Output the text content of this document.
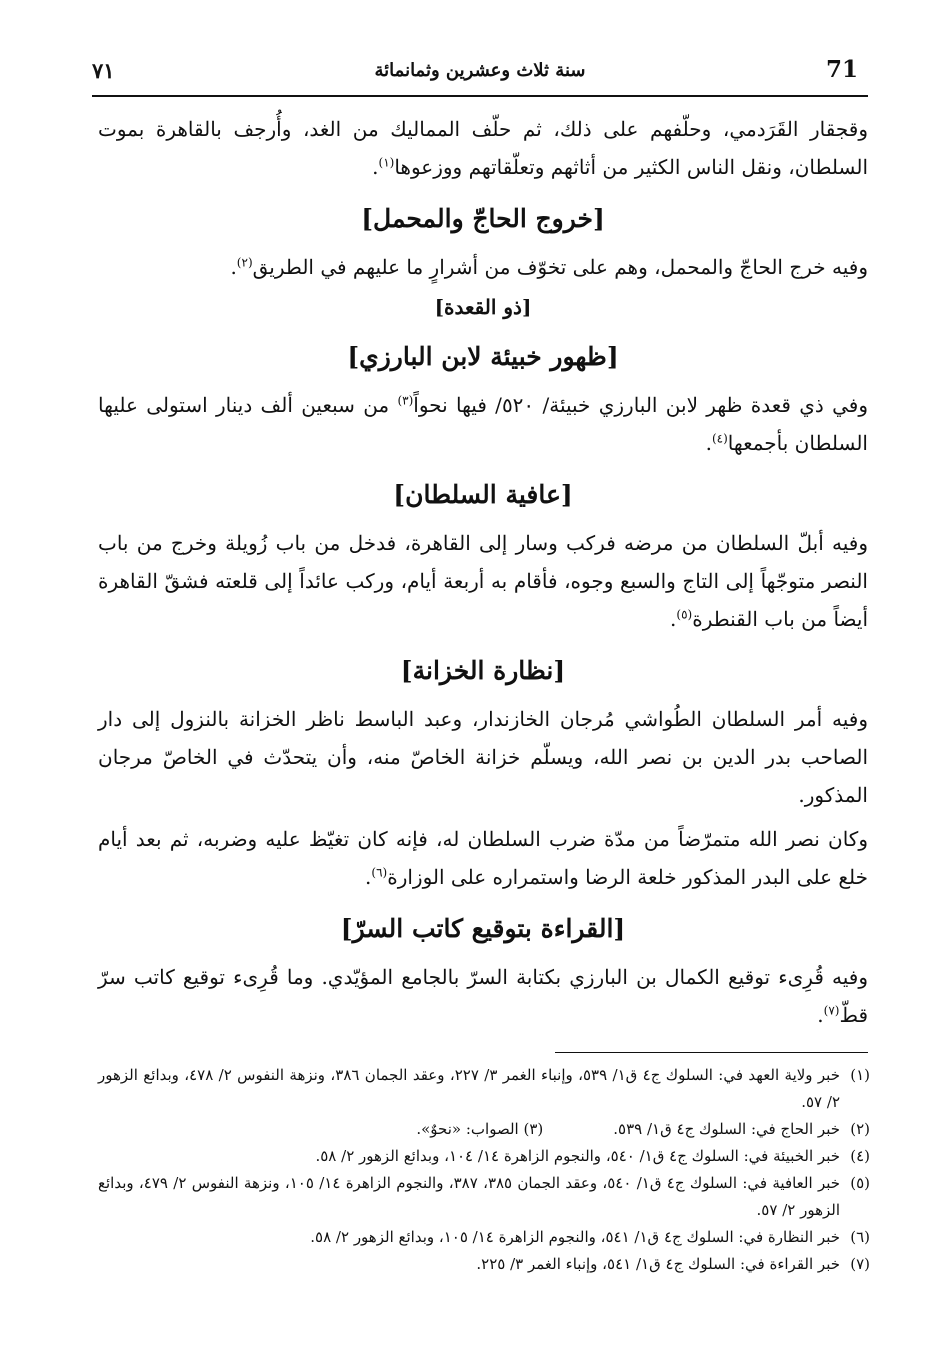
71
سنة ثلاث وعشرين وثمانمائة
٧١

وقجقار القَرَدمي، وحلّفهم على ذلك، ثم حلّف المماليك من الغد، وأُرجف بالقاهرة بموت السلطان، ونقل الناس الكثير من أثاثهم وتعلّقاتهم ووزعوها$^{(١)}$.

[خروج الحاجّ والمحمل]

وفيه خرج الحاجّ والمحمل، وهم على تخوّف من أشرارٍ ما عليهم في الطريق$^{(٢)}$.

[ذو القعدة]
[ظهور خبيئة لابن البارزي]

وفي ذي قعدة ظهر لابن البارزي خبيئة/ ٥٢٠/ فيها نحواً$^{(٣)}$ من سبعين ألف دينار استولى عليها السلطان بأجمعها$^{(٤)}$.

[عافية السلطان]

وفيه أبلّ السلطان من مرضه فركب وسار إلى القاهرة، فدخل من باب زُويلة وخرج من باب النصر متوجّهاً إلى التاج والسبع وجوه، فأقام به أربعة أيام، وركب عائداً إلى قلعته فشقّ القاهرة أيضاً من باب القنطرة$^{(٥)}$.

[نظارة الخزانة]

وفيه أمر السلطان الطُواشي مُرجان الخازندار، وعبد الباسط ناظر الخزانة بالنزول إلى دار الصاحب بدر الدين بن نصر الله، ويسلّم خزانة الخاصّ منه، وأن يتحدّث في الخاصّ مرجان المذكور.

وكان نصر الله متمرّضاً من مدّة ضرب السلطان له، فإنه كان تغيّظ عليه وضربه، ثم بعد أيام خلع على البدر المذكور خلعة الرضا واستمراره على الوزارة$^{(٦)}$.

[القراءة بتوقيع كاتب السرّ]

وفيه قُرِىء توقيع الكمال بن البارزي بكتابة السرّ بالجامع المؤيّدي. وما قُرِىء توقيع كاتب سرّ قطّ$^{(٧)}$.

(١)
خبر ولاية العهد في: السلوك ج٤ ق١/ ٥٣٩، وإنباء الغمر ٣/ ٢٢٧، وعقد الجمان ٣٨٦، ونزهة النفوس ٢/ ٤٧٨، وبدائع الزهور ٢/ ٥٧.
(٢)
خبر الحاج في: السلوك ج٤ ق١/ ٥٣٩.(٣) الصواب: «نحوٌ».
(٤)
خبر الخبيئة في: السلوك ج٤ ق١/ ٥٤٠، والنجوم الزاهرة ١٤/ ١٠٤، وبدائع الزهور ٢/ ٥٨.
(٥)
خبر العافية في: السلوك ج٤ ق١/ ٥٤٠، وعقد الجمان ٣٨٥، ٣٨٧، والنجوم الزاهرة ١٤/ ١٠٥، ونزهة النفوس ٢/ ٤٧٩، وبدائع الزهور ٢/ ٥٧.
(٦)
خبر النظارة في: السلوك ج٤ ق١/ ٥٤١، والنجوم الزاهرة ١٤/ ١٠٥، وبدائع الزهور ٢/ ٥٨.
(٧)
خبر القراءة في: السلوك ج٤ ق١/ ٥٤١، وإنباء الغمر ٣/ ٢٢٥.
